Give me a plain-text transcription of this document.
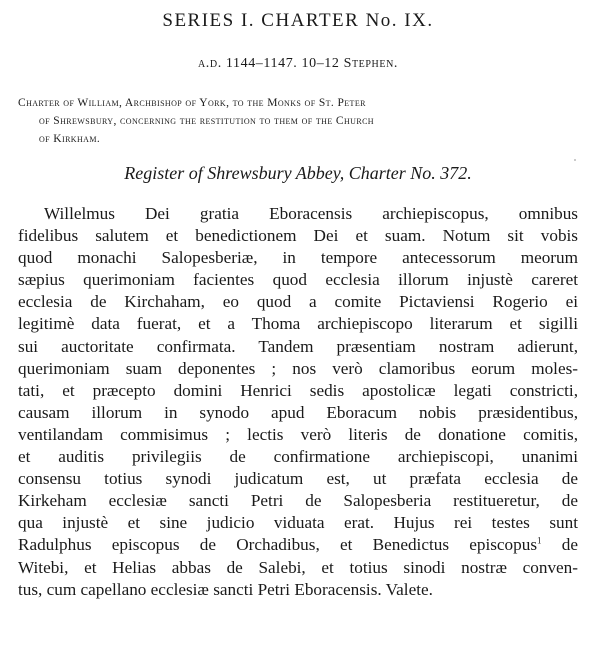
SERIES I. CHARTER No. IX.
a.d. 1144–1147. 10–12 Stephen.
Charter of William, Archbishop of York, to the Monks of St. Peter
of Shrewsbury, concerning the restitution to them of the Church
of Kirkham.
Register of Shrewsbury Abbey, Charter No. 372.
Willelmus Dei gratia Eboracensis archiepiscopus, omnibus
fidelibus salutem et benedictionem Dei et suam. Notum sit vobis
quod monachi Salopesberiæ, in tempore antecessorum meorum
sæpius querimoniam facientes quod ecclesia illorum injustè careret
ecclesia de Kirchaham, eo quod a comite Pictaviensi Rogerio ei
legitimè data fuerat, et a Thoma archiepiscopo literarum et sigilli
sui auctoritate confirmata. Tandem præsentiam nostram adierunt,
querimoniam suam deponentes ; nos verò clamoribus eorum moles-
tati, et præcepto domini Henrici sedis apostolicæ legati constricti,
causam illorum in synodo apud Eboracum nobis præsidentibus,
ventilandam commisimus ; lectis verò literis de donatione comitis,
et auditis privilegiis de confirmatione archiepiscopi, unanimi
consensu totius synodi judicatum est, ut præfata ecclesia de
Kirkeham ecclesiæ sancti Petri de Salopesberia restitueretur, de
qua injustè et sine judicio viduata erat. Hujus rei testes sunt
Radulphus episcopus de Orchadibus, et Benedictus episcopus$^1$ de
Witebi, et Helias abbas de Salebi, et totius sinodi nostræ conven-
tus, cum capellano ecclesiæ sancti Petri Eboracensis. Valete.
